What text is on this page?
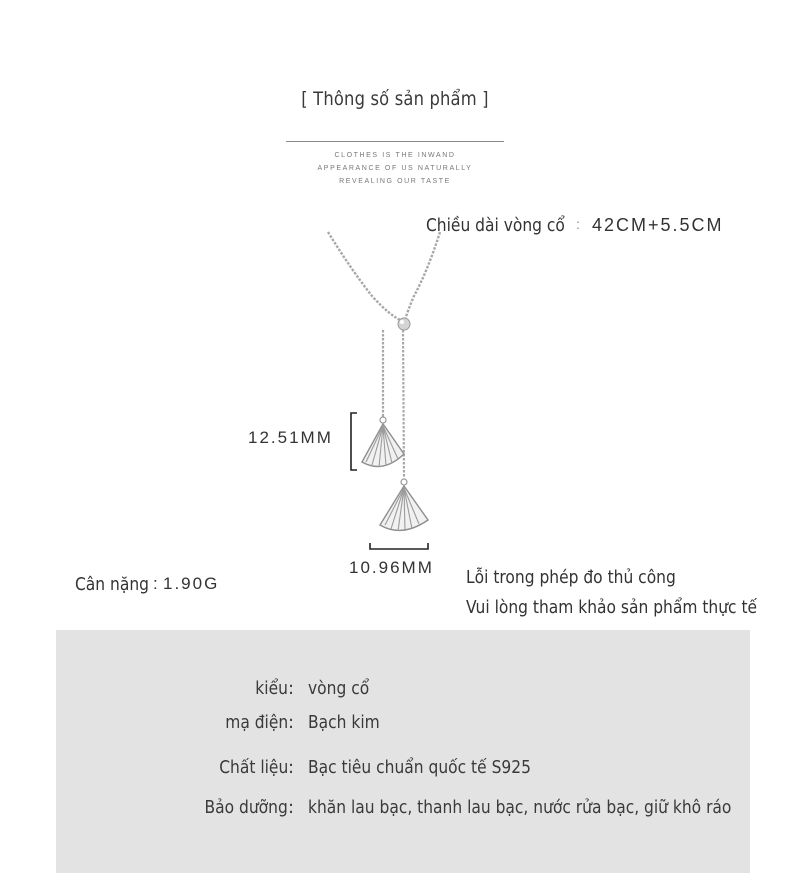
[ Thông số sản phẩm ]
CLOTHES IS THE INWAND
APPEARANCE OF US NATURALLY
REVEALING OUR TASTE
Chiều dài vòng cổ : 42CM+5.5CM
12.51MM
10.96MM
Cân nặng : 1.90G	Lỗi trong phép đo thủ công
Vui lòng tham khảo sản phẩm thực tế
kiểu : vòng cổ
mạ điện : Bạch kim
Chất liệu : Bạc tiêu chuẩn quốc tế S925
Bảo dưỡng : khăn lau bạc, thanh lau bạc, nước rửa bạc, giữ khô ráo
